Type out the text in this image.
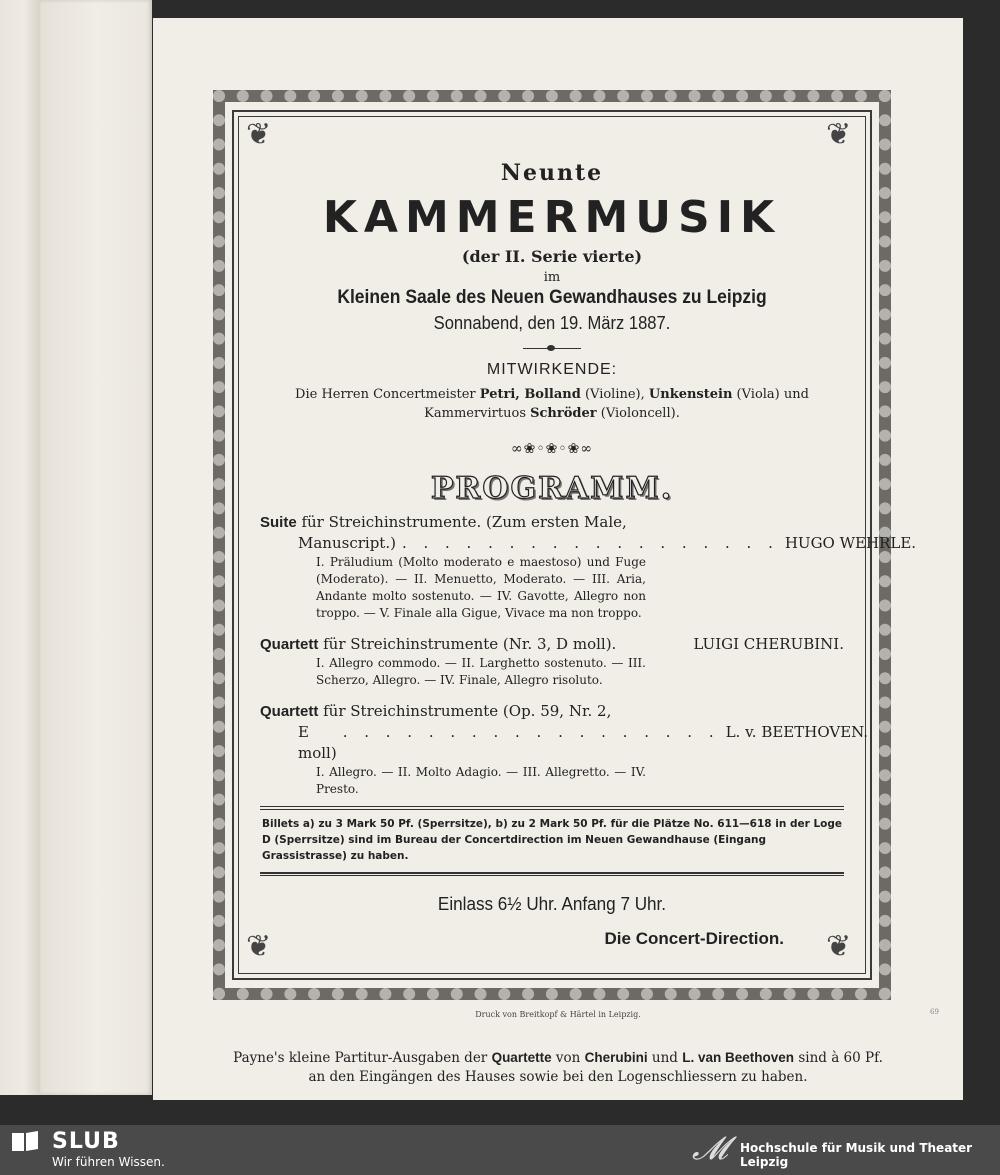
❦	❦
❦	❦
Neunte
KAMMERMUSIK
(der II. Serie vierte)
im
Kleinen Saale des Neuen Gewandhauses zu Leipzig
Sonnabend, den 19. März 1887.
MITWIRKENDE:
Die Herren Concertmeister Petri, Bolland (Violine), Unkenstein (Viola) und
Kammervirtuos Schröder (Violoncell).
∞❀◦❀◦❀∞
PROGRAMM.
Suite für Streichinstrumente. (Zum ersten Male,
Manuscript.) . . . . . . . . . . . . . . . . . . HUGO WEHRLE.
I. Präludium (Molto moderato e maestoso) und Fuge (Moderato). — II. Menuetto, Moderato. — III. Aria, Andante molto sostenuto. — IV. Gavotte, Allegro non troppo. — V. Finale alla Gigue, Vivace ma non troppo.
Quartett für Streichinstrumente (Nr. 3, D moll).	LUIGI CHERUBINI.
I. Allegro commodo. — II. Larghetto sostenuto. — III. Scherzo, Allegro. — IV. Finale, Allegro risoluto.
Quartett für Streichinstrumente (Op. 59, Nr. 2,
E moll)
. . . . . . . . . . . . . . . . . . L. v. BEETHOVEN.
I. Allegro. — II. Molto Adagio. — III. Allegretto. — IV. Presto.
Billets a) zu 3 Mark 50 Pf. (Sperrsitze), b) zu 2 Mark 50 Pf. für die Plätze No. 611—618 in der Loge D (Sperrsitze) sind im Bureau der Concertdirection im Neuen Gewandhause (Eingang Grassistrasse) zu haben.
Einlass 6½ Uhr. Anfang 7 Uhr.
Die Concert-Direction.
Druck von Breitkopf & Härtel in Leipzig.	69
Payne's kleine Partitur-Ausgaben der Quartette von Cherubini und L. van Beethoven sind à 60 Pf.
an den Eingängen des Hauses sowie bei den Logenschliessern zu haben.
SLUB
Wir führen Wissen.	𝓜 Hochschule für Musik und Theater Leipzig
